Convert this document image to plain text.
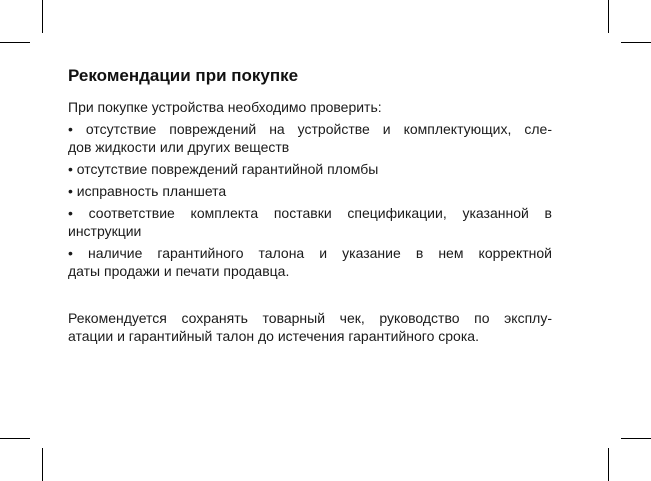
Рекомендации при покупке

При покупке устройства необходимо проверить:

• отсутствие повреждений на устройстве и комплектующих, сле-
дов жидкости или других веществ

• отсутствие повреждений гарантийной пломбы

• исправность планшета

• соответствие комплекта поставки спецификации, указанной в
инструкции

• наличие гарантийного талона и указание в нем корректной
даты продажи и печати продавца.

Рекомендуется сохранять товарный чек, руководство по эксплу-
атации и гарантийный талон до истечения гарантийного срока.
